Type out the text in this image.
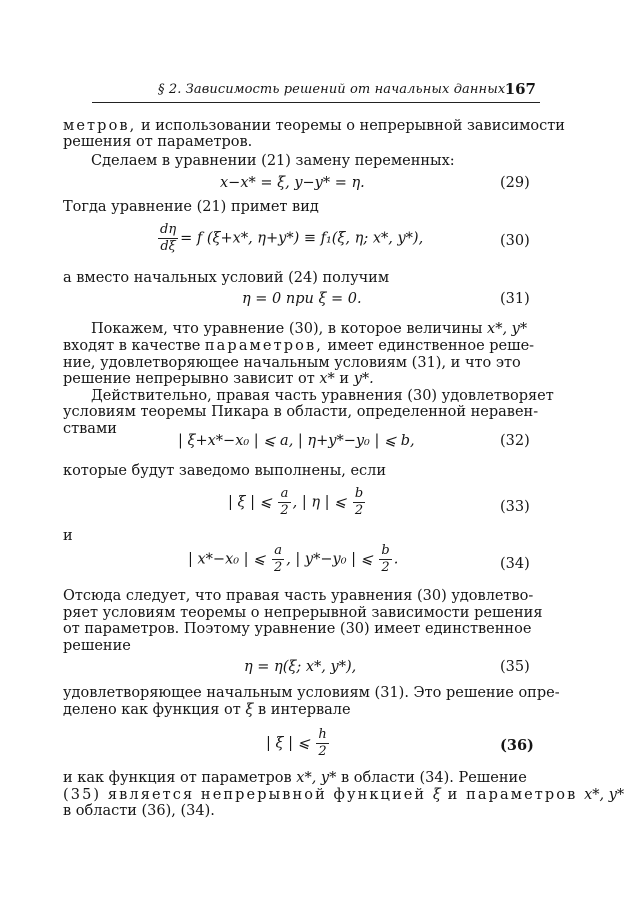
§ 2. Зависимость решений от начальных данных 167
метров, и использовании теоремы о непрерывной зависимости
решения от параметров.
Сделаем в уравнении (21) замену переменных:
x−x* = ξ, y−y* = η.	(29)
Тогда уравнение (21) примет вид
$\frac{d\eta}{d\xi} = f$ (ξ+x*, η+y*) ≡ f₁(ξ, η; x*, y*),	(30)
а вместо начальных условий (24) получим
η = 0 при ξ = 0.	(31)
Покажем, что уравнение (30), в которое величины x*, y*
входят в качестве параметров, имеет единственное реше-
ние, удовлетворяющее начальным условиям (31), и что это
решение непрерывно зависит от x* и y*.
Действительно, правая часть уравнения (30) удовлетворяет
условиям теоремы Пикара в области, определенной неравен-
ствами
| ξ+x*−x₀ | ⩽ a, | η+y*−y₀ | ⩽ b,	(32)
которые будут заведомо выполнены, если
| ξ | ⩽ $\frac{a}{2}$ , | η | ⩽ $\frac{b}{2}$	(33)
и
| x*−x₀ | ⩽ $\frac{a}{2}$ , | y*−y₀ | ⩽ $\frac{b}{2}$ .	(34)
Отсюда следует, что правая часть уравнения (30) удовлетво-
ряет условиям теоремы о непрерывной зависимости решения
от параметров. Поэтому уравнение (30) имеет единственное
решение
η = η(ξ; x*, y*),	(35)
удовлетворяющее начальным условиям (31). Это решение опре-
делено как функция от ξ в интервале
| ξ | ⩽ $\frac{h}{2}$	(36)
и как функция от параметров x*, y* в области (34). Решение
(35) является непрерывной функцией ξ и параметров x*, y*
в области (36), (34).
